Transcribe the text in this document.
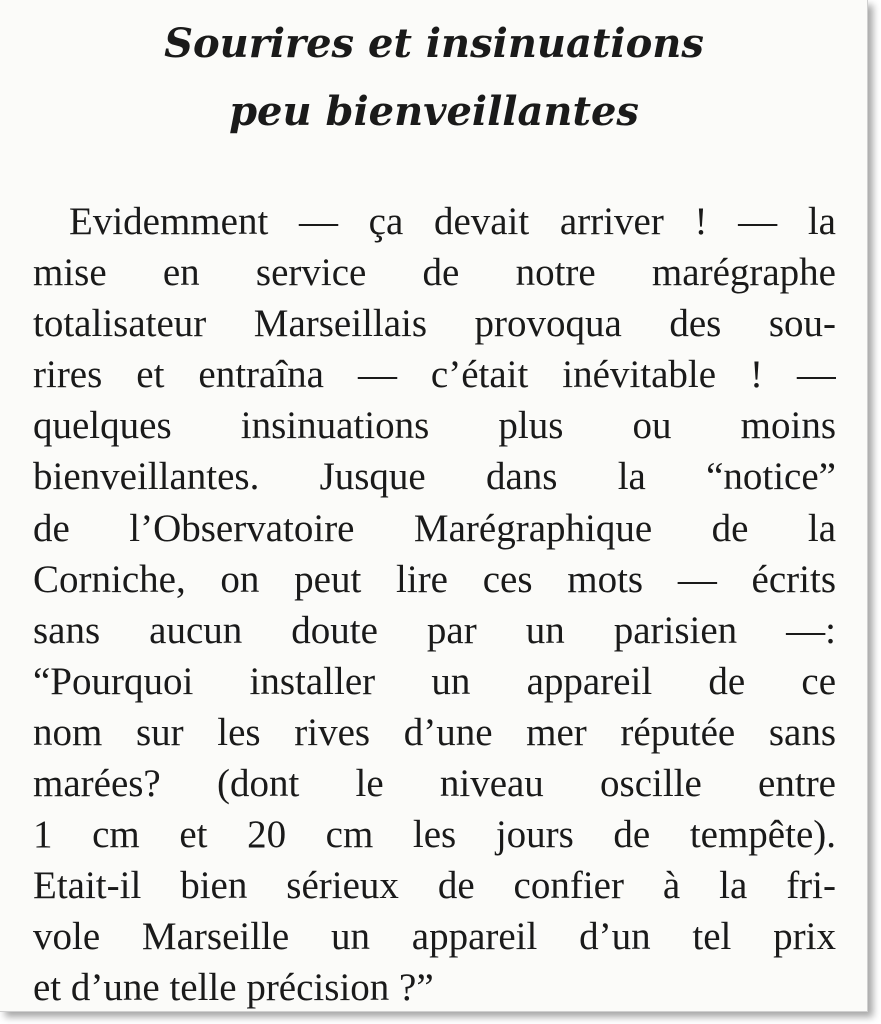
Sourires et insinuations
peu bienveillantes
Evidemment — ça devait arriver ! — la
mise en service de notre marégraphe
totalisateur Marseillais provoqua des sou-
rires et entraîna — c’était inévitable ! —
quelques insinuations plus ou moins
bienveillantes. Jusque dans la “notice”
de l’Observatoire Marégraphique de la
Corniche, on peut lire ces mots — écrits
sans aucun doute par un parisien —:
“Pourquoi installer un appareil de ce
nom sur les rives d’une mer réputée sans
marées? (dont le niveau oscille entre
1 cm et 20 cm les jours de tempête).
Etait-il bien sérieux de confier à la fri-
vole Marseille un appareil d’un tel prix
et d’une telle précision ?”
